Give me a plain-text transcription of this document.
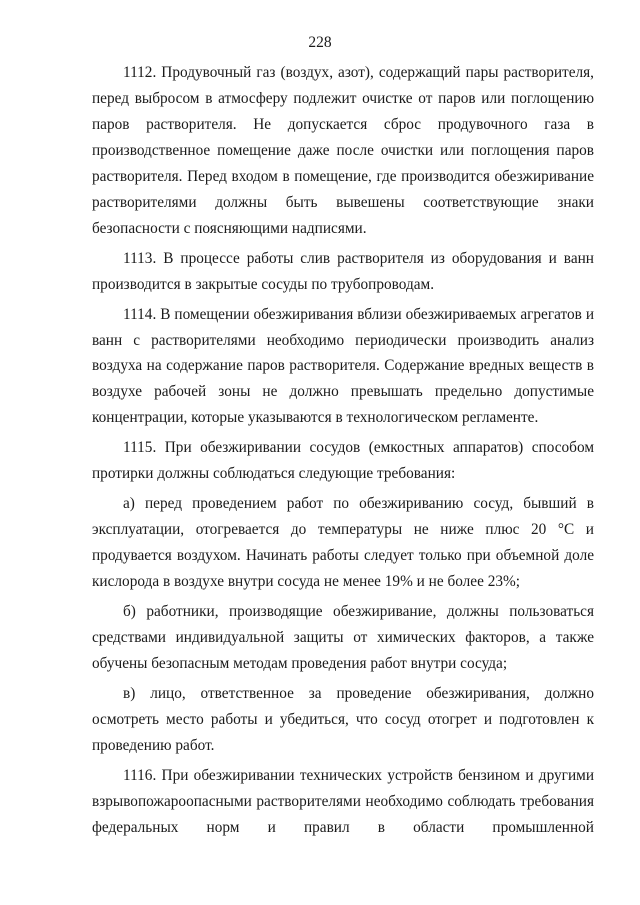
228

1112. Продувочный газ (воздух, азот), содержащий пары растворителя, перед выбросом в атмосферу подлежит очистке от паров или поглощению паров растворителя. Не допускается сброс продувочного газа в производственное помещение даже после очистки или поглощения паров растворителя. Перед входом в помещение, где производится обезжиривание растворителями должны быть вывешены соответствующие знаки безопасности с поясняющими надписями.

1113. В процессе работы слив растворителя из оборудования и ванн производится в закрытые сосуды по трубопроводам.

1114. В помещении обезжиривания вблизи обезжириваемых агрегатов и ванн с растворителями необходимо периодически производить анализ воздуха на содержание паров растворителя. Содержание вредных веществ в воздухе рабочей зоны не должно превышать предельно допустимые концентрации, которые указываются в технологическом регламенте.

1115. При обезжиривании сосудов (емкостных аппаратов) способом протирки должны соблюдаться следующие требования:

а) перед проведением работ по обезжириванию сосуд, бывший в эксплуатации, отогревается до температуры не ниже плюс 20 °С и продувается воздухом. Начинать работы следует только при объемной доле кислорода в воздухе внутри сосуда не менее 19% и не более 23%;

б) работники, производящие обезжиривание, должны пользоваться средствами индивидуальной защиты от химических факторов, а также обучены безопасным методам проведения работ внутри сосуда;

в) лицо, ответственное за проведение обезжиривания, должно осмотреть место работы и убедиться, что сосуд отогрет и подготовлен к проведению работ.

1116. При обезжиривании технических устройств бензином и другими взрывопожароопасными растворителями необходимо соблюдать требования федеральных норм и правил в области промышленной
